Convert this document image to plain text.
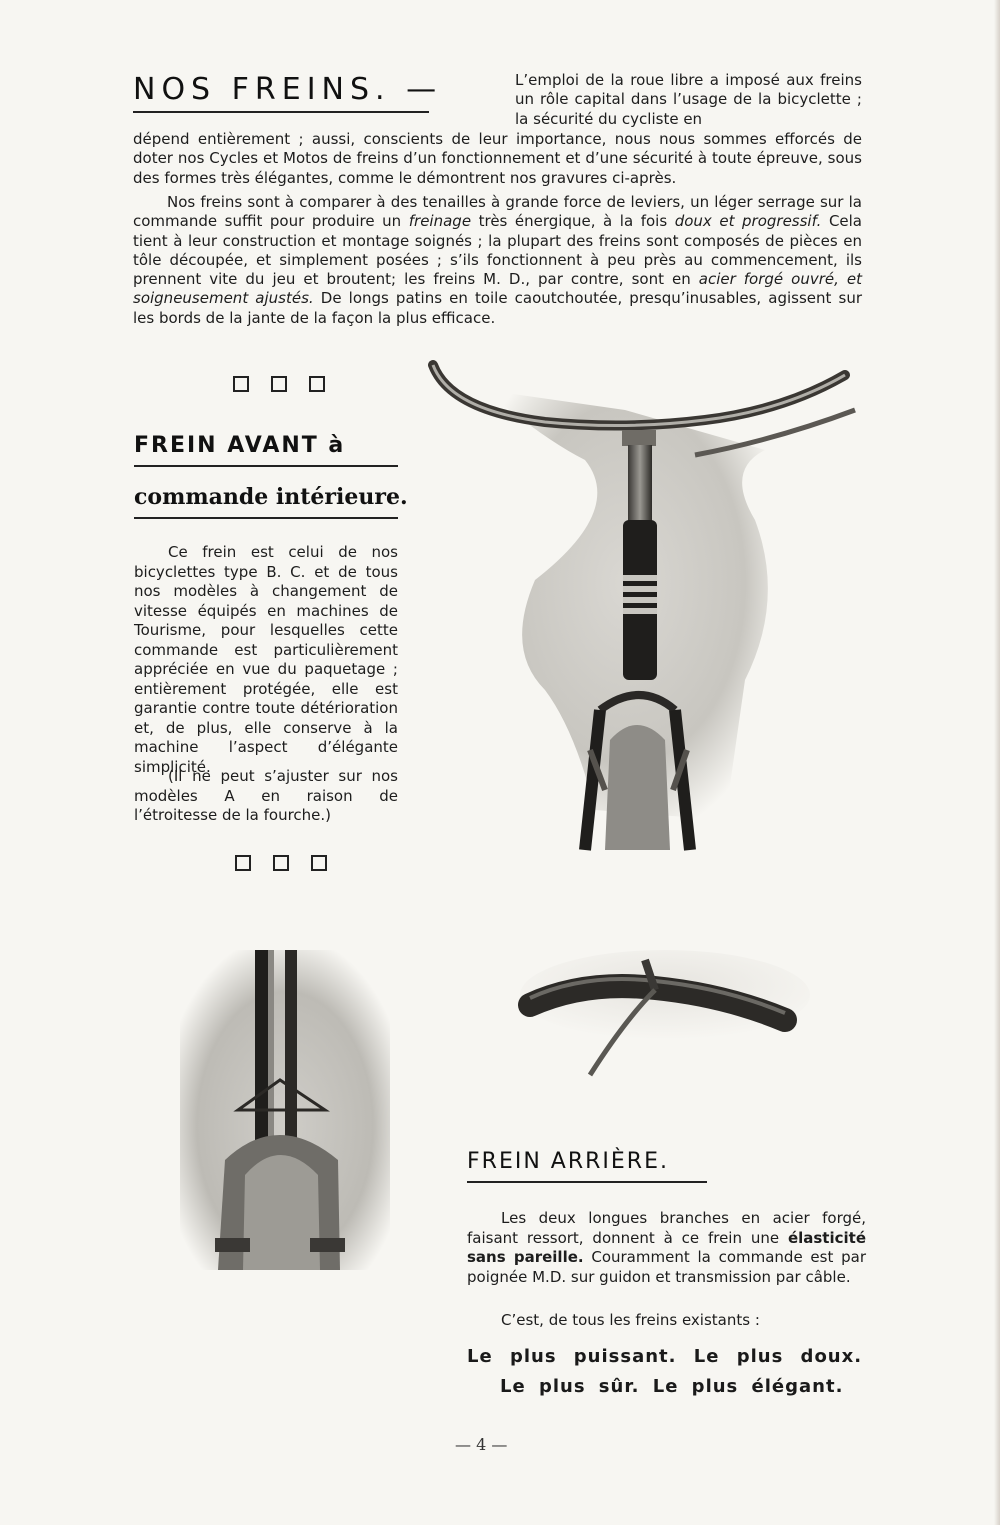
NOS FREINS. —	L’emploi de la roue libre a imposé aux freins un rôle capital dans l’usage de la bicyclette ; la sécurité du cycliste en

dépend entièrement ; aussi, conscients de leur importance, nous nous sommes efforcés de doter nos Cycles et Motos de freins d’un fonctionnement et d’une sécurité à toute épreuve, sous des formes très élégantes, comme le démontrent nos gravures ci-après.

Nos freins sont à comparer à des tenailles à grande force de leviers, un léger serrage sur la commande suffit pour produire un freinage très énergique, à la fois doux et progressif. Cela tient à leur construction et montage soignés ; la plupart des freins sont composés de pièces en tôle découpée, et simplement posées ; s’ils fonctionnent à peu près au commencement, ils prennent vite du jeu et broutent; les freins M. D., par contre, sont en acier forgé ouvré, et soigneusement ajustés. De longs patins en toile caoutchoutée, presqu’inusables, agissent sur les bords de la jante de la façon la plus efficace.

FREIN AVANT à
commande intérieure.

Ce frein est celui de nos bicyclettes type B. C. et de tous nos modèles à changement de vitesse équipés en machines de Tourisme, pour lesquelles cette commande est particulièrement appréciée en vue du paquetage ; entièrement protégée, elle est garantie contre toute détérioration et, de plus, elle conserve à la machine l’aspect d’élégante simplicité.

(Il ne peut s’ajuster sur nos modèles A en raison de l’étroitesse de la fourche.)

FREIN ARRIÈRE.

Les deux longues branches en acier forgé, faisant ressort, donnent à ce frein une élasticité sans pareille. Couramment la commande est par poignée M.D. sur guidon et transmission par câble.

C’est, de tous les freins existants :

Le plus puissant. Le plus doux.

Le plus sûr. Le plus élégant.

— 4 —
